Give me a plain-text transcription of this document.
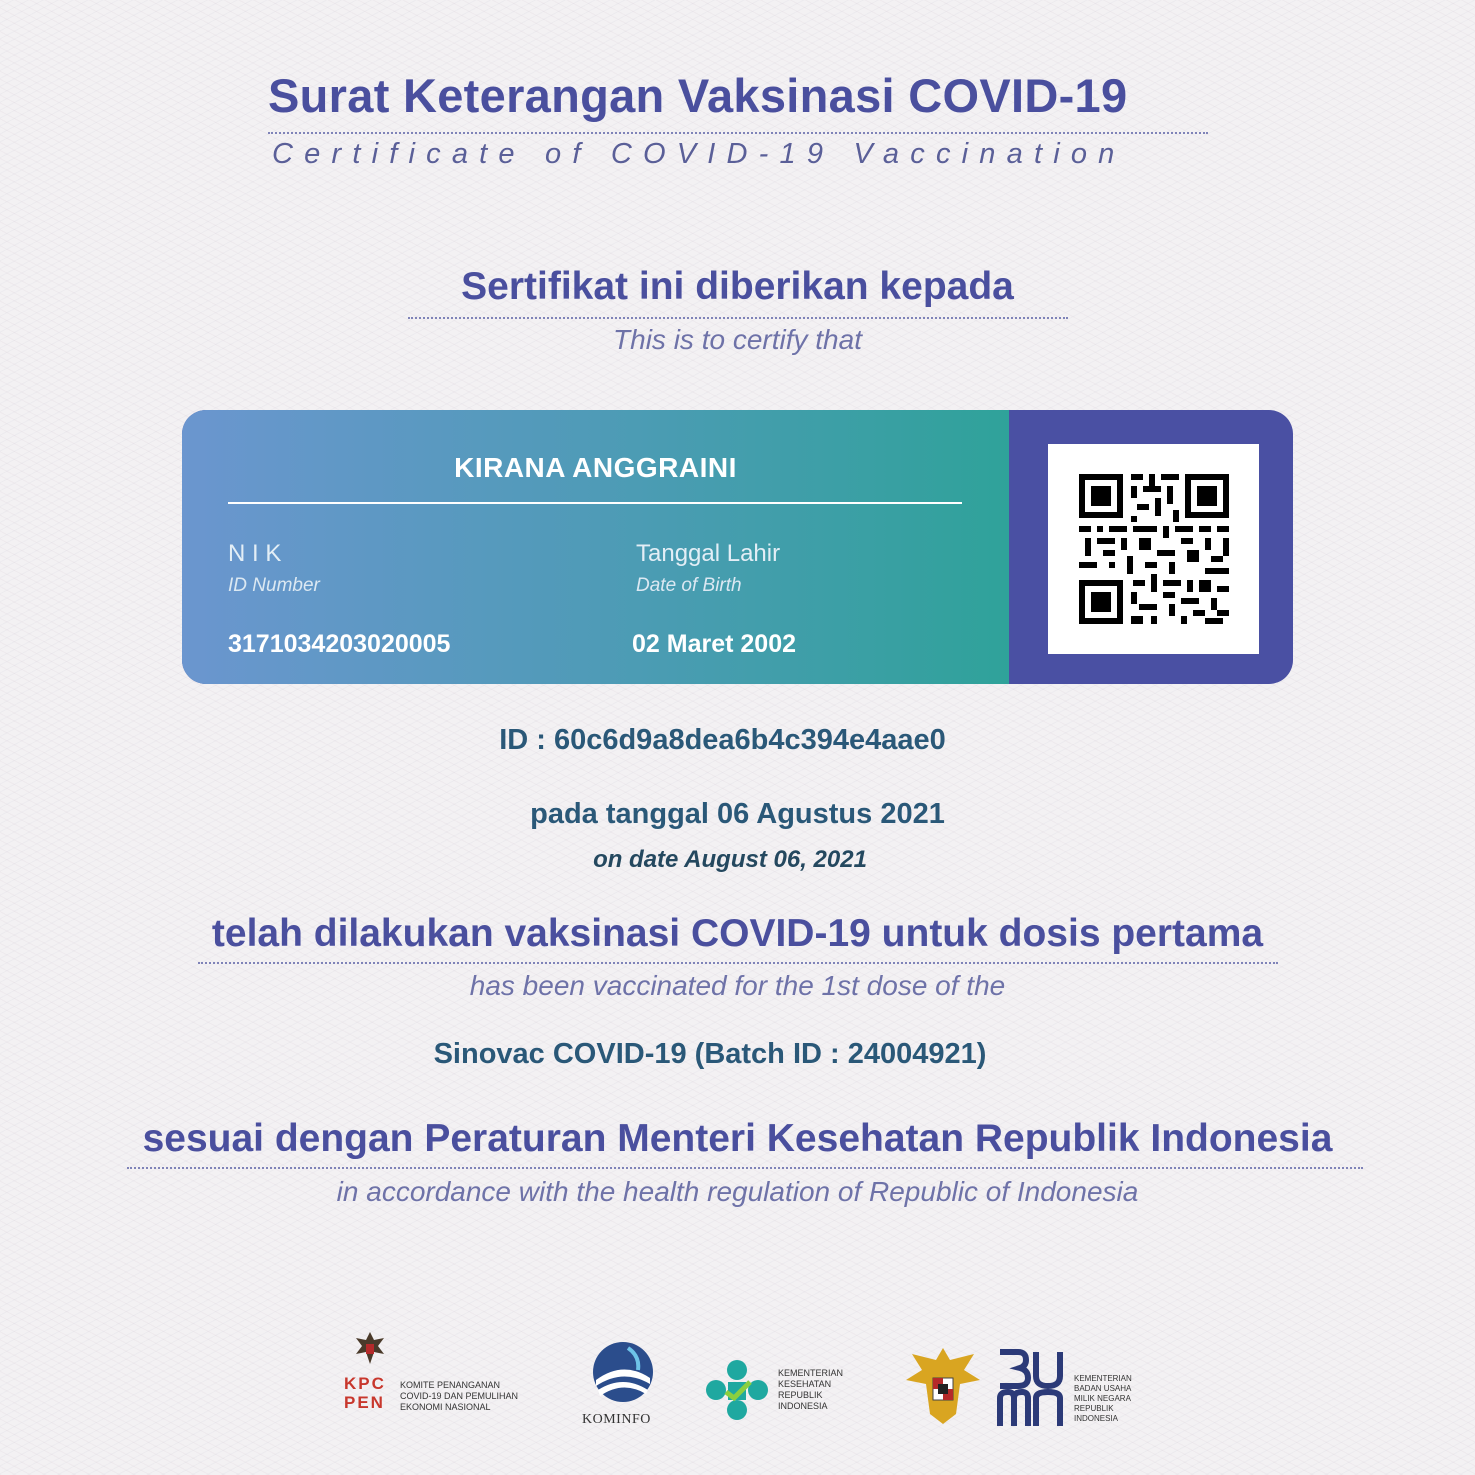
Surat Keterangan Vaksinasi COVID-19
Certificate of COVID-19 Vaccination
Sertifikat ini diberikan kepada
This is to certify that
KIRANA ANGGRAINI
N I K
ID Number
3171034203020005
Tanggal Lahir
Date of Birth
02 Maret 2002
ID : 60c6d9a8dea6b4c394e4aae0
pada tanggal 06 Agustus 2021
on date August 06, 2021
telah dilakukan vaksinasi COVID-19 untuk dosis pertama
has been vaccinated for the 1st dose of the
Sinovac COVID-19 (Batch ID : 24004921)
sesuai dengan Peraturan Menteri Kesehatan Republik Indonesia
in accordance with the health regulation of Republic of Indonesia
KPC
PEN
KOMITE PENANGANAN
COVID-19 DAN PEMULIHAN
EKONOMI NASIONAL
KOMINFO
KEMENTERIAN
KESEHATAN
REPUBLIK
INDONESIA
KEMENTERIAN
BADAN USAHA
MILIK NEGARA
REPUBLIK
INDONESIA
